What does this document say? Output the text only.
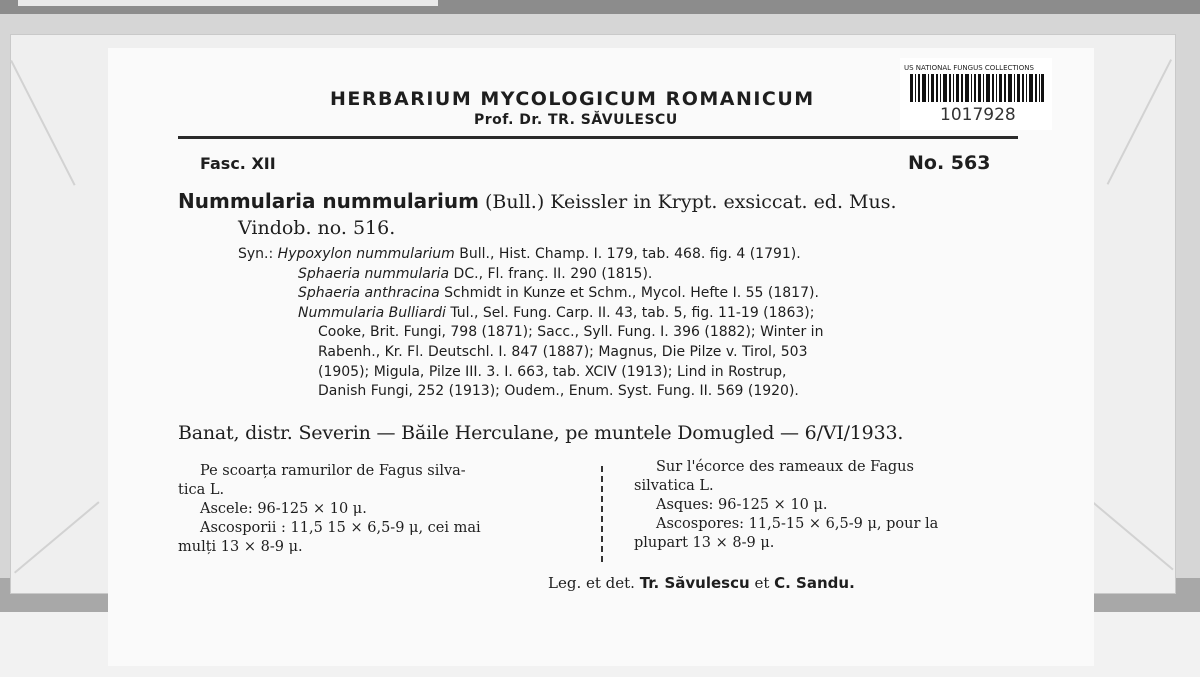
US NATIONAL FUNGUS COLLECTIONS
1017928
HERBARIUM MYCOLOGICUM ROMANICUM
Prof. Dr. TR. SĂVULESCU
Fasc. XII	No. 563
Nummularia nummularium (Bull.) Keissler in Krypt. exsiccat. ed. Mus.
Vindob. no. 516.
Syn.: Hypoxylon nummularium Bull., Hist. Champ. I. 179, tab. 468. fig. 4 (1791).
Sphaeria nummularia DC., Fl. franç. II. 290 (1815).
Sphaeria anthracina Schmidt in Kunze et Schm., Mycol. Hefte I. 55 (1817).
Nummularia Bulliardi Tul., Sel. Fung. Carp. II. 43, tab. 5, fig. 11-19 (1863);
Cooke, Brit. Fungi, 798 (1871); Sacc., Syll. Fung. I. 396 (1882); Winter in
Rabenh., Kr. Fl. Deutschl. I. 847 (1887); Magnus, Die Pilze v. Tirol, 503
(1905); Migula, Pilze III. 3. I. 663, tab. XCIV (1913); Lind in Rostrup,
Danish Fungi, 252 (1913); Oudem., Enum. Syst. Fung. II. 569 (1920).
Banat, distr. Severin — Băile Herculane, pe muntele Domugled — 6/VI/1933.
Pe scoarța ramurilor de Fagus silva-
tica L.
Ascele: 96-125 × 10 μ.
Ascosporii : 11,5 15 × 6,5-9 μ, cei mai
mulți 13 × 8-9 μ.
Sur l'écorce des rameaux de Fagus
silvatica L.
Asques: 96-125 × 10 μ.
Ascospores: 11,5-15 × 6,5-9 μ, pour la
plupart 13 × 8-9 μ.
Leg. et det. Tr. Săvulescu et C. Sandu.
